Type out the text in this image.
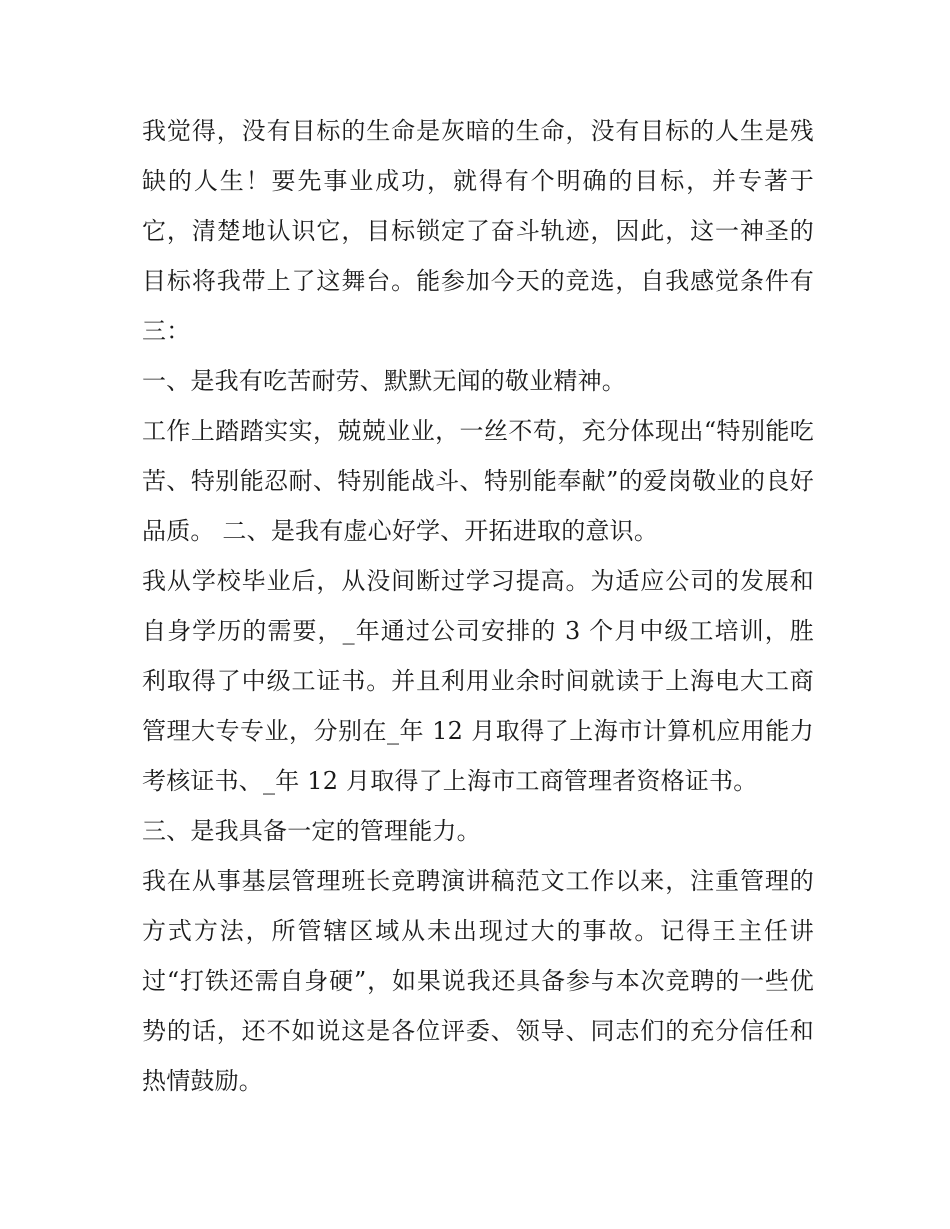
我觉得，没有目标的生命是灰暗的生命，没有目标的人生是残缺的人生！要先事业成功，就得有个明确的目标，并专著于它，清楚地认识它，目标锁定了奋斗轨迹，因此，这一神圣的目标将我带上了这舞台。能参加今天的竞选，自我感觉条件有三：

一、是我有吃苦耐劳、默默无闻的敬业精神。

工作上踏踏实实，兢兢业业，一丝不苟，充分体现出“特别能吃苦、特别能忍耐、特别能战斗、特别能奉献”的爱岗敬业的良好品质。 二、是我有虚心好学、开拓进取的意识。

我从学校毕业后，从没间断过学习提高。为适应公司的发展和自身学历的需要，_年通过公司安排的 3 个月中级工培训，胜利取得了中级工证书。并且利用业余时间就读于上海电大工商管理大专专业，分别在_年 12 月取得了上海市计算机应用能力考核证书、_年 12 月取得了上海市工商管理者资格证书。

三、是我具备一定的管理能力。

我在从事基层管理班长竞聘演讲稿范文工作以来，注重管理的方式方法，所管辖区域从未出现过大的事故。记得王主任讲过“打铁还需自身硬”，如果说我还具备参与本次竞聘的一些优势的话，还不如说这是各位评委、领导、同志们的充分信任和热情鼓励。
